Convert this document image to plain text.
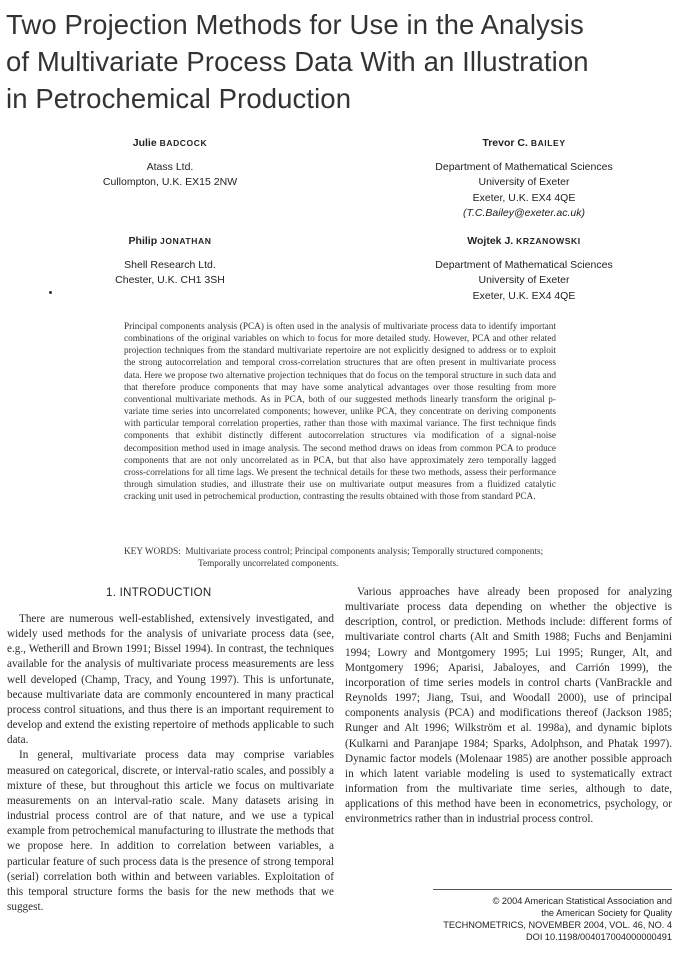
Two Projection Methods for Use in the Analysis
of Multivariate Process Data With an Illustration
in Petrochemical Production
Julie BADCOCK
Atass Ltd.
Cullompton, U.K. EX15 2NW
Trevor C. BAILEY
Department of Mathematical Sciences
University of Exeter
Exeter, U.K. EX4 4QE
(T.C.Bailey@exeter.ac.uk)
Philip JONATHAN
Shell Research Ltd.
Chester, U.K. CH1 3SH
Wojtek J. KRZANOWSKI
Department of Mathematical Sciences
University of Exeter
Exeter, U.K. EX4 4QE

Principal components analysis (PCA) is often used in the analysis of multivariate process data to identify important combinations of the original variables on which to focus for more detailed study. However, PCA and other related projection techniques from the standard multivariate repertoire are not explicitly designed to address or to exploit the strong autocorrelation and temporal cross-correlation structures that are often present in multivariate process data. Here we propose two alternative projection techniques that do focus on the temporal structure in such data and that therefore produce components that may have some analytical advantages over those resulting from more conventional multivariate methods. As in PCA, both of our suggested methods linearly transform the original p-variate time series into uncorrelated components; however, unlike PCA, they concentrate on deriving components with particular temporal correlation properties, rather than those with maximal variance. The first technique finds components that exhibit distinctly different autocorrelation structures via modification of a signal-noise decomposition method used in image analysis. The second method draws on ideas from common PCA to produce components that are not only uncorrelated as in PCA, but that also have approximately zero temporally lagged cross-correlations for all time lags. We present the technical details for these two methods, assess their performance through simulation studies, and illustrate their use on multivariate output measures from a fluidized catalytic cracking unit used in petrochemical production, contrasting the results obtained with those from standard PCA.

KEY WORDS: Multivariate process control; Principal components analysis; Temporally structured components; Temporally uncorrelated components.
1. INTRODUCTION

There are numerous well-established, extensively investigated, and widely used methods for the analysis of univariate process data (see, e.g., Wetherill and Brown 1991; Bissel 1994). In contrast, the techniques available for the analysis of multivariate process measurements are less well developed (Champ, Tracy, and Young 1997). This is unfortunate, because multivariate data are commonly encountered in many practical process control situations, and thus there is an important requirement to develop and extend the existing repertoire of methods applicable to such data.

In general, multivariate process data may comprise variables measured on categorical, discrete, or interval-ratio scales, and possibly a mixture of these, but throughout this article we focus on multivariate measurements on an interval-ratio scale. Many datasets arising in industrial process control are of that nature, and we use a typical example from petrochemical manufacturing to illustrate the methods that we propose here. In addition to correlation between variables, a particular feature of such process data is the presence of strong temporal (serial) correlation both within and between variables. Exploitation of this temporal structure forms the basis for the new methods that we suggest.

Various approaches have already been proposed for analyzing multivariate process data depending on whether the objective is description, control, or prediction. Methods include: different forms of multivariate control charts (Alt and Smith 1988; Fuchs and Benjamini 1994; Lowry and Montgomery 1995; Lui 1995; Runger, Alt, and Montgomery 1996; Aparisi, Jabaloyes, and Carrión 1999), the incorporation of time series models in control charts (VanBrackle and Reynolds 1997; Jiang, Tsui, and Woodall 2000), use of principal components analysis (PCA) and modifications thereof (Jackson 1985; Runger and Alt 1996; Wilkström et al. 1998a), and dynamic biplots (Kulkarni and Paranjape 1984; Sparks, Adolphson, and Phatak 1997). Dynamic factor models (Molenaar 1985) are another possible approach in which latent variable modeling is used to systematically extract information from the multivariate time series, although to date, applications of this method have been in econometrics, psychology, or environmetrics rather than in industrial process control.

© 2004 American Statistical Association and
the American Society for Quality
TECHNOMETRICS, NOVEMBER 2004, VOL. 46, NO. 4
DOI 10.1198/004017004000000491
